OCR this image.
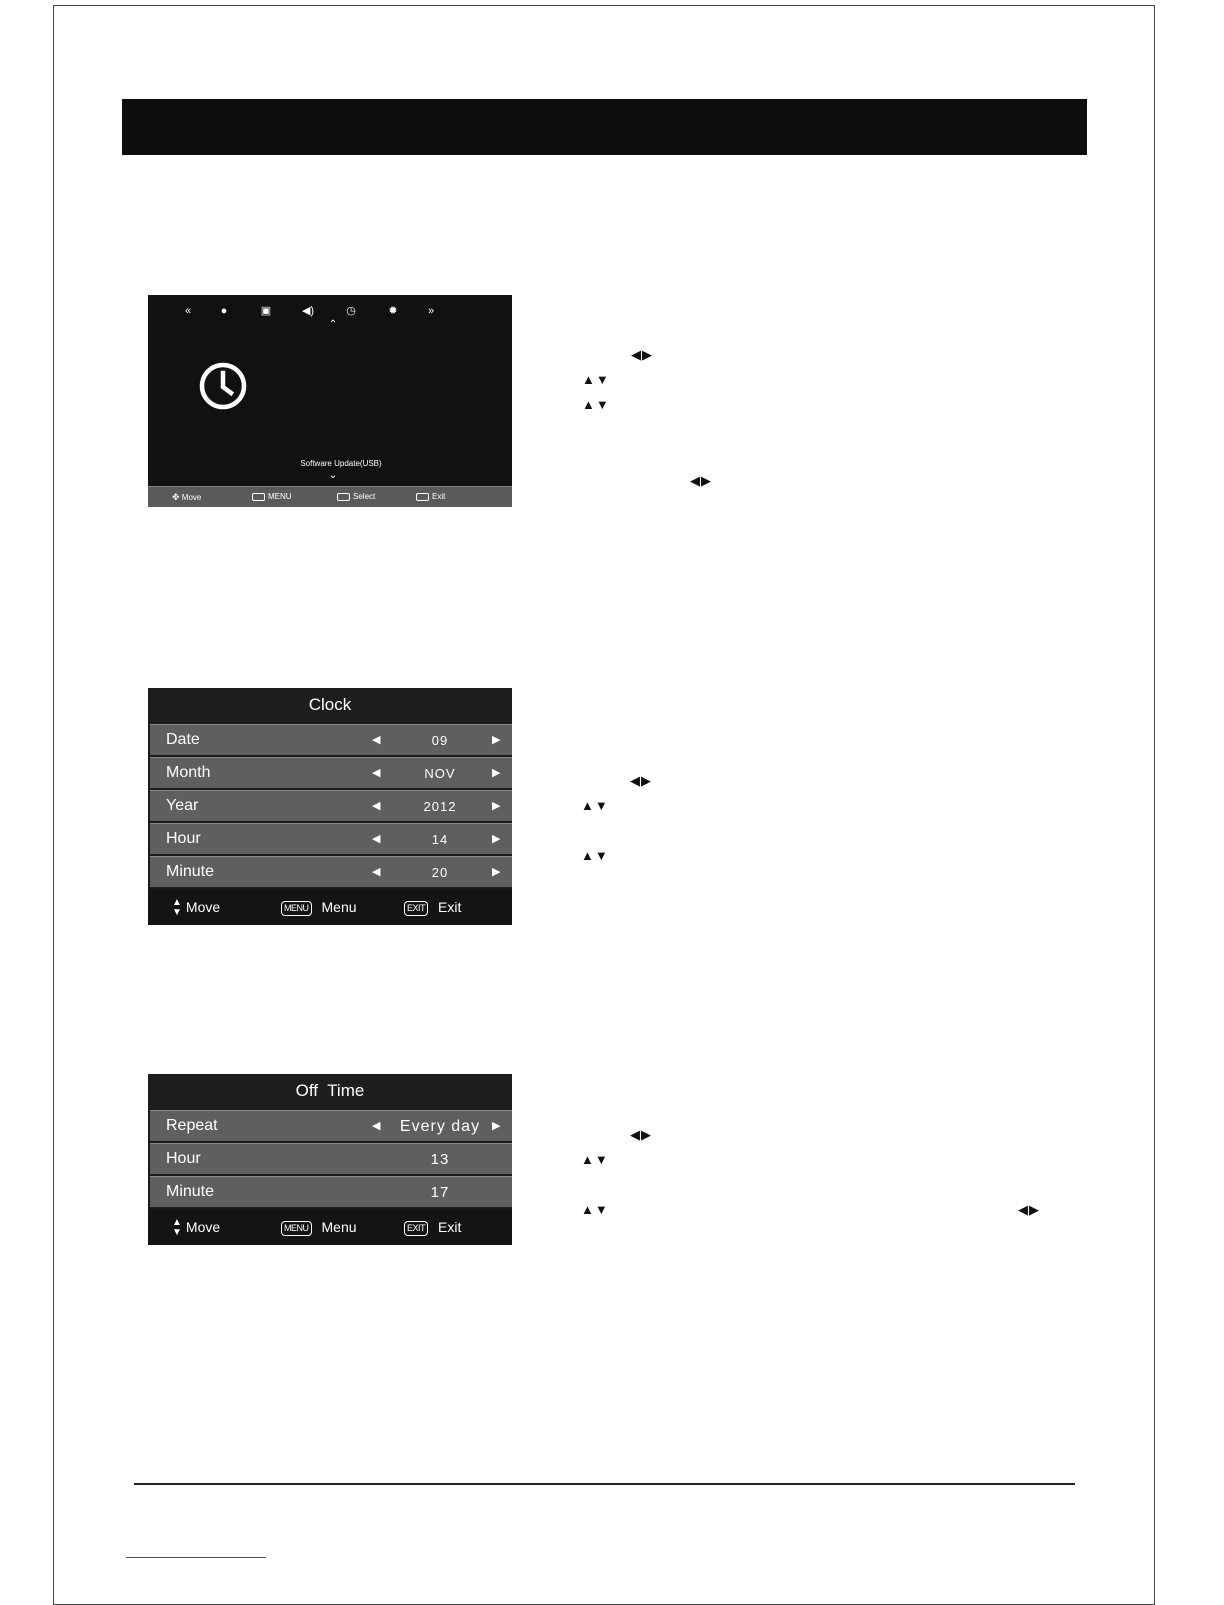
«	●	▣	◀)	◷	✹	»
⌃
Software Update(USB)
⌄
✥ Move	MENU	Select	Exit
◀▶
▲▼
▲▼
◀▶
Clock
Date	◀	09	▶
Month	◀	NOV	▶
Year	◀	2012	▶
Hour	◀	14	▶
Minute	◀	20	▶
▲
▼ Move	MENU Menu	EXIT Exit
◀▶
▲▼
▲▼
Off  Time
Repeat	◀	Every day	▶
Hour	13
Minute	17
▲
▼ Move	MENU Menu	EXIT Exit
◀▶
▲▼
▲▼	◀▶
